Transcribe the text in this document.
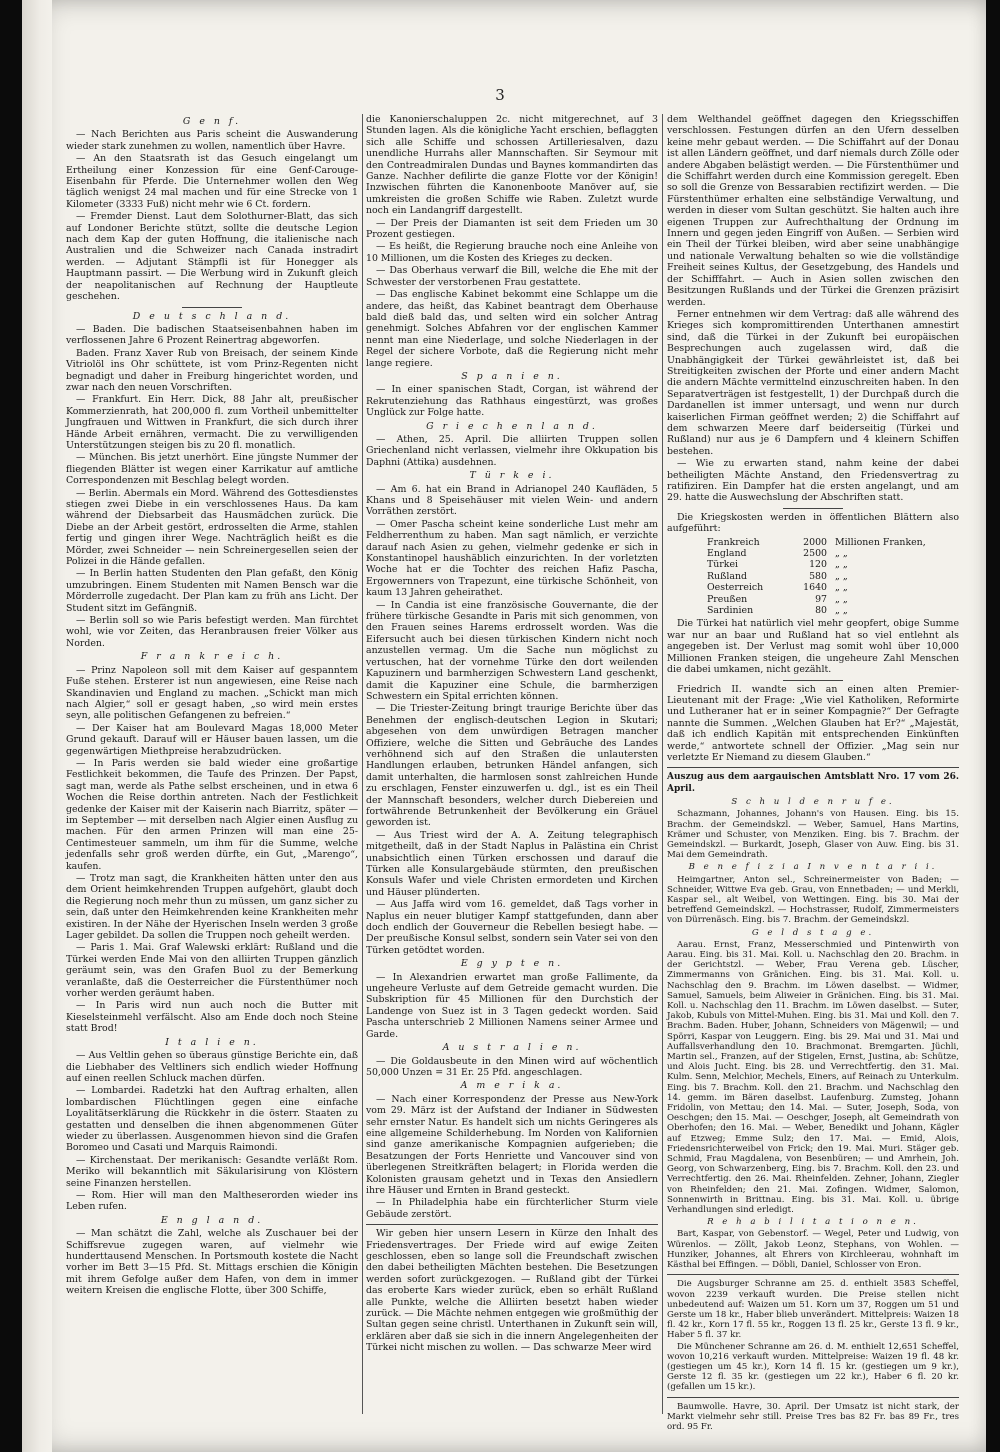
3
G e n f.

— Nach Berichten aus Paris scheint die Auswanderung wieder stark zunehmen zu wollen, namentlich über Havre.

— An den Staatsrath ist das Gesuch eingelangt um Ertheilung einer Konzession für eine Genf-Carouge-Eisenbahn für Pferde. Die Unternehmer wollen den Weg täglich wenigst 24 mal machen und für eine Strecke von 1 Kilometer (3333 Fuß) nicht mehr wie 6 Ct. fordern.

— Fremder Dienst. Laut dem Solothurner-Blatt, das sich auf Londoner Berichte stützt, sollte die deutsche Legion nach dem Kap der guten Hoffnung, die italienische nach Australien und die Schweizer nach Canada instradirt werden. — Adjutant Stämpfli ist für Honegger als Hauptmann passirt. — Die Werbung wird in Zukunft gleich der neapolitanischen auf Rechnung der Hauptleute geschehen.

D e u t s c h l a n d.

— Baden. Die badischen Staatseisenbahnen haben im verflossenen Jahre 6 Prozent Reinertrag abgeworfen.

Baden. Franz Xaver Rub von Breisach, der seinem Kinde Vitriolöl ins Ohr schüttete, ist vom Prinz-Regenten nicht begnadigt und daher in Freiburg hingerichtet worden, und zwar nach den neuen Vorschriften.

— Frankfurt. Ein Herr. Dick, 88 Jahr alt, preußischer Kommerzienrath, hat 200,000 fl. zum Vortheil unbemittelter Jungfrauen und Wittwen in Frankfurt, die sich durch ihrer Hände Arbeit ernähren, vermacht. Die zu verwilligenden Unterstützungen steigen bis zu 20 fl. monatlich.

— München. Bis jetzt unerhört. Eine jüngste Nummer der fliegenden Blätter ist wegen einer Karrikatur auf amtliche Correspondenzen mit Beschlag belegt worden.

— Berlin. Abermals ein Mord. Während des Gottesdienstes stiegen zwei Diebe in ein verschlossenes Haus. Da kam während der Diebsarbeit das Hausmädchen zurück. Die Diebe an der Arbeit gestört, erdrosselten die Arme, stahlen fertig und gingen ihrer Wege. Nachträglich heißt es die Mörder, zwei Schneider — nein Schreinergesellen seien der Polizei in die Hände gefallen.

— In Berlin hatten Studenten den Plan gefaßt, den König umzubringen. Einem Studenten mit Namen Bensch war die Mörderrolle zugedacht. Der Plan kam zu früh ans Licht. Der Student sitzt im Gefängniß.

— Berlin soll so wie Paris befestigt werden. Man fürchtet wohl, wie vor Zeiten, das Heranbrausen freier Völker aus Norden.

F r a n k r e i c h.

— Prinz Napoleon soll mit dem Kaiser auf gespanntem Fuße stehen. Ersterer ist nun angewiesen, eine Reise nach Skandinavien und England zu machen. „Schickt man mich nach Algier,“ soll er gesagt haben, „so wird mein erstes seyn, alle politischen Gefangenen zu befreien.“

— Der Kaiser hat am Boulevard Magas 18,000 Meter Grund gekauft. Darauf will er Häuser bauen lassen, um die gegenwärtigen Miethpreise herabzudrücken.

— In Paris werden sie bald wieder eine großartige Festlichkeit bekommen, die Taufe des Prinzen. Der Papst, sagt man, werde als Pathe selbst erscheinen, und in etwa 6 Wochen die Reise dorthin antreten. Nach der Festlichkeit gedenke der Kaiser mit der Kaiserin nach Biarritz, später — im September — mit derselben nach Algier einen Ausflug zu machen. Für den armen Prinzen will man eine 25-Centimesteuer sammeln, um ihm für die Summe, welche jedenfalls sehr groß werden dürfte, ein Gut, „Marengo“, kaufen.

— Trotz man sagt, die Krankheiten hätten unter den aus dem Orient heimkehrenden Truppen aufgehört, glaubt doch die Regierung noch mehr thun zu müssen, um ganz sicher zu sein, daß unter den Heimkehrenden keine Krankheiten mehr existiren. In der Nähe der Hyerischen Inseln werden 3 große Lager gebildet. Da sollen die Truppen noch geheilt werden.

— Paris 1. Mai. Graf Walewski erklärt: Rußland und die Türkei werden Ende Mai von den alliirten Truppen gänzlich geräumt sein, was den Grafen Buol zu der Bemerkung veranlaßte, daß die Oesterreicher die Fürstenthümer noch vorher werden geräumt haben.

— In Paris wird nun auch noch die Butter mit Kieselsteinmehl verfälscht. Also am Ende doch noch Steine statt Brod!

I t a l i e n.

— Aus Veltlin gehen so überaus günstige Berichte ein, daß die Liebhaber des Veltliners sich endlich wieder Hoffnung auf einen reellen Schluck machen dürfen.

— Lombardei. Radetzki hat den Auftrag erhalten, allen lombardischen Flüchtlingen gegen eine einfache Loyalitätserklärung die Rückkehr in die österr. Staaten zu gestatten und denselben die ihnen abgenommenen Güter wieder zu überlassen. Ausgenommen hievon sind die Grafen Boromeo und Casati und Marquis Raimondi.

— Kirchenstaat. Der merikanisch: Gesandte verläßt Rom. Meriko will bekanntlich mit Säkularisirung von Klöstern seine Finanzen herstellen.

— Rom. Hier will man den Maltheserorden wieder ins Leben rufen.

E n g l a n d.

— Man schätzt die Zahl, welche als Zuschauer bei der Schiffsrevue zugegen waren, auf vielmehr wie hunderttausend Menschen. In Portsmouth kostete die Nacht vorher im Bett 3—15 Pfd. St. Mittags erschien die Königin mit ihrem Gefolge außer dem Hafen, von dem in immer weitern Kreisen die englische Flotte, über 300 Schiffe,

die Kanonierschaluppen 2c. nicht mitgerechnet, auf 3 Stunden lagen. Als die königliche Yacht erschien, beflaggten sich alle Schiffe und schossen Artilleriesalven, dazu unendliche Hurrahs aller Mannschaften. Sir Seymour mit den Contreadmiralen Dundas und Baynes kommandirten das Ganze. Nachher defilirte die ganze Flotte vor der Königin! Inzwischen führten die Kanonenboote Manöver auf, sie umkreisten die großen Schiffe wie Raben. Zuletzt wurde noch ein Landangriff dargestellt.

— Der Preis der Diamanten ist seit dem Frieden um 30 Prozent gestiegen.

— Es heißt, die Regierung brauche noch eine Anleihe von 10 Millionen, um die Kosten des Krieges zu decken.

— Das Oberhaus verwarf die Bill, welche die Ehe mit der Schwester der verstorbenen Frau gestattete.

— Das englische Kabinet bekommt eine Schlappe um die andere, das heißt, das Kabinet beantragt dem Oberhause bald dieß bald das, und selten wird ein solcher Antrag genehmigt. Solches Abfahren vor der englischen Kammer nennt man eine Niederlage, und solche Niederlagen in der Regel der sichere Vorbote, daß die Regierung nicht mehr lange regiere.

S p a n i e n.

— In einer spanischen Stadt, Corgan, ist während der Rekrutenziehung das Rathhaus eingestürzt, was großes Unglück zur Folge hatte.

G r i e c h e n l a n d.

— Athen, 25. April. Die alliirten Truppen sollen Griechenland nicht verlassen, vielmehr ihre Okkupation bis Daphni (Attika) ausdehnen.

T ü r k e i.

— Am 6. hat ein Brand in Adrianopel 240 Kaufläden, 5 Khans und 8 Speisehäuser mit vielen Wein- und andern Vorräthen zerstört.

— Omer Pascha scheint keine sonderliche Lust mehr am Feldherrenthum zu haben. Man sagt nämlich, er verzichte darauf nach Asien zu gehen, vielmehr gedenke er sich in Konstantinopel haushäblich einzurichten. In der vorletzten Woche hat er die Tochter des reichen Hafiz Pascha, Ergowernners von Trapezunt, eine türkische Schönheit, von kaum 13 Jahren geheirathet.

— In Candia ist eine französische Gouvernante, die der frühere türkische Gesandte in Paris mit sich genommen, von den Frauen seines Harems erdrosselt worden. Was die Eifersucht auch bei diesen türkischen Kindern nicht noch anzustellen vermag. Um die Sache nun möglichst zu vertuschen, hat der vornehme Türke den dort weilenden Kapuzinern und barmherzigen Schwestern Land geschenkt, damit die Kapuziner eine Schule, die barmherzigen Schwestern ein Spital errichten können.

— Die Triester-Zeitung bringt traurige Berichte über das Benehmen der englisch-deutschen Legion in Skutari; abgesehen von dem unwürdigen Betragen mancher Offiziere, welche die Sitten und Gebräuche des Landes verhöhnend sich auf den Straßen die unlautersten Handlungen erlauben, betrunken Händel anfangen, sich damit unterhalten, die harmlosen sonst zahlreichen Hunde zu erschlagen, Fenster einzuwerfen u. dgl., ist es ein Theil der Mannschaft besonders, welcher durch Diebereien und fortwährende Betrunkenheit der Bevölkerung ein Gräuel geworden ist.

— Aus Triest wird der A. A. Zeitung telegraphisch mitgetheilt, daß in der Stadt Naplus in Palästina ein Christ unabsichtlich einen Türken erschossen und darauf die Türken alle Konsulargebäude stürmten, den preußischen Konsuls Wafer und viele Christen ermordeten und Kirchen und Häuser plünderten.

— Aus Jaffa wird vom 16. gemeldet, daß Tags vorher in Naplus ein neuer blutiger Kampf stattgefunden, dann aber doch endlich der Gouverneur die Rebellen besiegt habe. — Der preußische Konsul selbst, sondern sein Vater sei von den Türken getödtet worden.

E g y p t e n.

— In Alexandrien erwartet man große Fallimente, da ungeheure Verluste auf dem Getreide gemacht wurden. Die Subskription für 45 Millionen für den Durchstich der Landenge von Suez ist in 3 Tagen gedeckt worden. Said Pascha unterschrieb 2 Millionen Namens seiner Armee und Garde.

A u s t r a l i e n.

— Die Goldausbeute in den Minen wird auf wöchentlich 50,000 Unzen = 31 Er. 25 Pfd. angeschlagen.

A m e r i k a.

— Nach einer Korrespondenz der Presse aus New-York vom 29. März ist der Aufstand der Indianer in Südwesten sehr ernster Natur. Es handelt sich um nichts Geringeres als eine allgemeine Schilderhebung. Im Norden von Kalifornien sind ganze amerikanische Kompagnien aufgerieben; die Besatzungen der Forts Henriette und Vancouver sind von überlegenen Streitkräften belagert; in Florida werden die Kolonisten grausam gehetzt und in Texas den Ansiedlern ihre Häuser und Ernten in Brand gesteckt.

— In Philadelphia habe ein fürchterlicher Sturm viele Gebäude zerstört.

Wir geben hier unsern Lesern in Kürze den Inhalt des Friedensvertrages. Der Friede wird auf ewige Zeiten geschlossen, eben so lange soll die Freundschaft zwischen den dabei betheiligten Mächten bestehen. Die Besetzungen werden sofort zurückgezogen. — Rußland gibt der Türkei das eroberte Kars wieder zurück, eben so erhält Rußland alle Punkte, welche die Alliirten besetzt haben wieder zurück. — Die Mächte nehmen entgegen wie großmüthig der Sultan gegen seine christl. Unterthanen in Zukunft sein will, erklären aber daß sie sich in die innern Angelegenheiten der Türkei nicht mischen zu wollen. — Das schwarze Meer wird

dem Welthandel geöffnet dagegen den Kriegsschiffen verschlossen. Festungen dürfen an den Ufern desselben keine mehr gebaut werden. — Die Schiffahrt auf der Donau ist allen Ländern geöffnet, und darf niemals durch Zölle oder andere Abgaben belästigt werden. — Die Fürstenthümer und die Schiffahrt werden durch eine Kommission geregelt. Eben so soll die Grenze von Bessarabien rectifizirt werden. — Die Fürstenthümer erhalten eine selbständige Verwaltung, und werden in dieser vom Sultan geschützt. Sie halten auch ihre eigenen Truppen zur Aufrechthaltung der Ordnung im Innern und gegen jeden Eingriff von Außen. — Serbien wird ein Theil der Türkei bleiben, wird aber seine unabhängige und nationale Verwaltung behalten so wie die vollständige Freiheit seines Kultus, der Gesetzgebung, des Handels und der Schifffahrt. — Auch in Asien sollen zwischen den Besitzungen Rußlands und der Türkei die Grenzen präzisirt werden.

Ferner entnehmen wir dem Vertrag: daß alle während des Krieges sich kompromittirenden Unterthanen amnestirt sind, daß die Türkei in der Zukunft bei europäischen Besprechungen auch zugelassen wird, daß die Unabhängigkeit der Türkei gewährleistet ist, daß bei Streitigkeiten zwischen der Pforte und einer andern Macht die andern Mächte vermittelnd einzuschreiten haben. In den Separatverträgen ist festgestellt, 1) der Durchpaß durch die Dardanellen ist immer untersagt, und wenn nur durch kaiserlichen Firman geöffnet werden; 2) die Schiffahrt auf dem schwarzen Meere darf beiderseitig (Türkei und Rußland) nur aus je 6 Dampfern und 4 kleinern Schiffen bestehen.

— Wie zu erwarten stand, nahm keine der dabei betheiligten Mächte Anstand, den Friedensvertrag zu ratifiziren. Ein Dampfer hat die ersten angelangt, und am 29. hatte die Auswechslung der Abschriften statt.

Die Kriegskosten werden in öffentlichen Blättern also aufgeführt:

Frankreich	2000 Millionen Franken,
England	2500 „ „
Türkei	120 „ „
Rußland	580 „ „
Oesterreich	1640 „ „
Preußen	97 „ „
Sardinien	80 „ „

Die Türkei hat natürlich viel mehr geopfert, obige Summe war nur an baar und Rußland hat so viel entlehnt als angegeben ist. Der Verlust mag somit wohl über 10,000 Millionen Franken steigen, die ungeheure Zahl Menschen die dabei umkamen, nicht gezählt.

Friedrich II. wandte sich an einen alten Premier-Lieutenant mit der Frage: „Wie viel Katholiken, Reformirte und Lutheraner hat er in seiner Kompagnie?“ Der Gefragte nannte die Summen. „Welchen Glauben hat Er?“ „Majestät, daß ich endlich Kapitän mit entsprechenden Einkünften werde,“ antwortete schnell der Offizier. „Mag sein nur verletzte Er Niemand zu diesem Glauben.“

Auszug aus dem aargauischen Amtsblatt Nro. 17 vom 26. April.
S c h u l d e n r u f e.

Schazmann, Johannes, Johann's von Hausen. Eing. bis 15. Brachm. der Gemeindskzl. — Weber, Samuel, Hans Martins, Krämer und Schuster, von Menziken. Eing. bis 7. Brachm. der Gemeindskzl. — Burkardt, Joseph, Glaser von Auw. Eing. bis 31. Mai dem Gemeindrath.

B e n e f i z i a I n v e n t a r i i.

Heimgartner, Anton sel., Schreinermeister von Baden; — Schneider, Wittwe Eva geb. Grau, von Ennetbaden; — und Merkli, Kaspar sel., alt Weibel, von Wettingen. Eing. bis 30. Mai der betreffend Gemeindskzl. — Hochstrasser, Rudolf, Zimmermeisters von Dürrenäsch. Eing. bis 7. Brachm. der Gemeindskzl.

G e l d s t a g e.

Aarau. Ernst, Franz, Messerschmied und Pintenwirth von Aarau. Eing. bis 31. Mai. Koll. u. Nachschlag den 20. Brachm. in der Gerichtstzl. — Weber, Frau Verena geb. Lüscher, Zimmermanns von Gränichen. Eing. bis 31. Mai. Koll. u. Nachschlag den 9. Brachm. im Löwen daselbst. — Widmer, Samuel, Samuels, beim Aliweier in Gränichen. Eing. bis 31. Mai. Koll. u. Nachschlag den 11. Brachm. im Löwen daselbst. — Suter, Jakob, Kubuls von Mittel-Muhen. Eing. bis 31. Mai und Koll. den 7. Brachm. Baden. Huber, Johann, Schneiders von Mägenwil; — und Spörri, Kaspar von Leuggern. Eing. bis 29. Mai und 31. Mai und Auffallsverhandlung den 10. Brachmonat. Bremgarten. Jüchli, Martin sel., Franzen, auf der Stigelen, Ernst, Justina, ab: Schütze, und Alois Jucht. Eing. bis 28. und Verrechtfertig. den 31. Mai. Kulm. Senn, Melchior, Mechels, Einers, auf Reinach zu Unterkulm. Eing. bis 7. Brachm. Koll. den 21. Brachm. und Nachschlag den 14. gemm. im Bären daselbst. Laufenburg. Zumsteg, Johann Fridolin, von Mettau; den 14. Mai. — Suter, Joseph, Soda, von Oeschgen; den 15. Mai. — Oeschger, Joseph, alt Gemeindrath von Oberhofen; den 16. Mai. — Weber, Benedikt und Johann, Kägler auf Etzweg; Emme Sulz; den 17. Mai. — Emid, Alois, Friedensrichterweibel von Frick; den 19. Mai. Muri. Stäger geb. Schmid, Frau Magdalena, von Besenbüren; — und Amrhein, Joh. Georg, von Schwarzenberg, Eing. bis 7. Brachm. Koll. den 23. und Verrechtfertig. den 26. Mai. Rheinfelden. Zehner, Johann, Ziegler von Rheinfelden; den 21. Mai. Zofingen. Widmer, Salomon, Sonnenwirth in Brittnau. Eing. bis 31. Mai. Koll. u. übrige Verhandlungen sind erledigt.

R e h a b i l i t a t i o n e n.

Bart, Kaspar, von Gebenstorf. — Wegel, Peter und Ludwig, von Würenlos. — Zöllt, Jakob Leonz, Stephans, von Wohlen. — Hunziker, Johannes, alt Ehrers von Kirchleerau, wohnhaft im Kästhal bei Effingen. — Döbli, Daniel, Schlosser von Eron.

Die Augsburger Schranne am 25. d. enthielt 3583 Scheffel, wovon 2239 verkauft wurden. Die Preise stellen nicht unbedeutend auf: Waizen um 51. Korn um 37, Roggen um 51 und Gerste um 18 kr., Haber blieb unverändert. Mittelpreis: Waizen 18 fl. 42 kr., Korn 17 fl. 55 kr., Roggen 13 fl. 25 kr., Gerste 13 fl. 9 kr., Haber 5 fl. 37 kr.

Die Münchener Schranne am 26. d. M. enthielt 12,651 Scheffel, wovon 10,216 verkauft wurden. Mittelpreise: Waizen 19 fl. 48 kr. (gestiegen um 45 kr.), Korn 14 fl. 15 kr. (gestiegen um 9 kr.), Gerste 12 fl. 35 kr. (gestiegen um 22 kr.), Haber 6 fl. 20 kr. (gefallen um 15 kr.).

Baumwolle. Havre, 30. April. Der Umsatz ist nicht stark, der Markt vielmehr sehr still. Preise Tres bas 82 Fr. bas 89 Fr., tres ord. 95 Fr.
